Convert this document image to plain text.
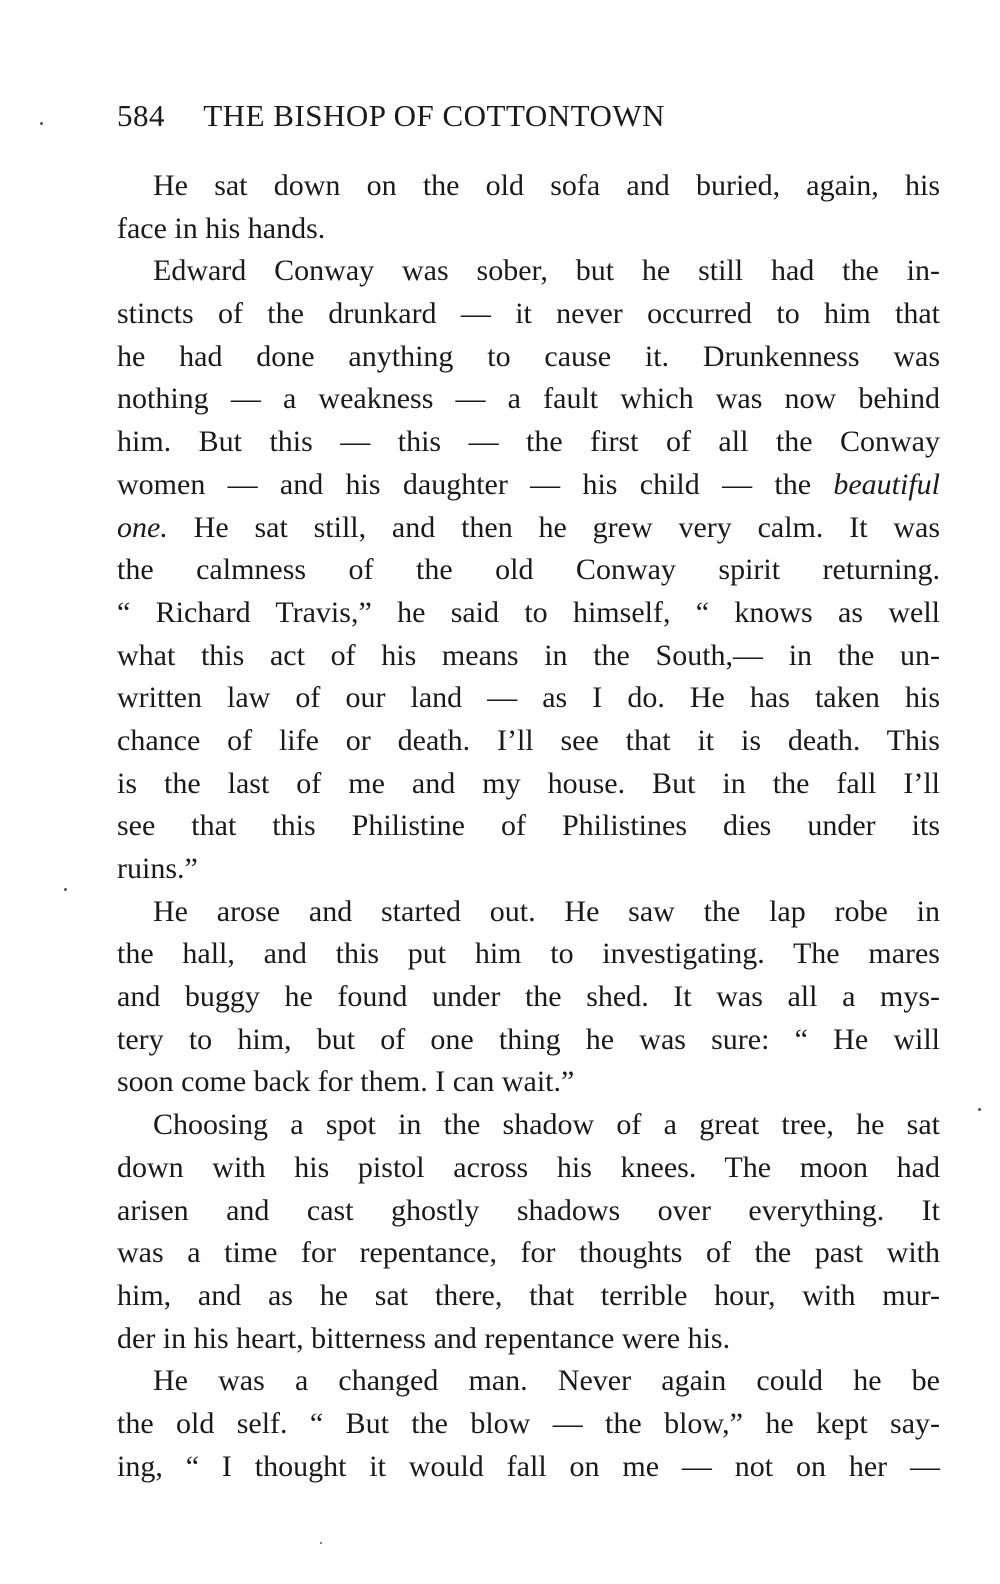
584 THE BISHOP OF COTTONTOWN

He sat down on the old sofa and buried, again, his
face in his hands.

Edward Conway was sober, but he still had the in-
stincts of the drunkard — it never occurred to him that
he had done anything to cause it. Drunkenness was
nothing — a weakness — a fault which was now behind
him. But this — this — the first of all the Conway
women — and his daughter — his child — the beautiful
one. He sat still, and then he grew very calm. It was
the calmness of the old Conway spirit returning.
“ Richard Travis,” he said to himself, “ knows as well
what this act of his means in the South,— in the un-
written law of our land — as I do. He has taken his
chance of life or death. I’ll see that it is death. This
is the last of me and my house. But in the fall I’ll
see that this Philistine of Philistines dies under its
ruins.”

He arose and started out. He saw the lap robe in
the hall, and this put him to investigating. The mares
and buggy he found under the shed. It was all a mys-
tery to him, but of one thing he was sure: “ He will
soon come back for them. I can wait.”

Choosing a spot in the shadow of a great tree, he sat
down with his pistol across his knees. The moon had
arisen and cast ghostly shadows over everything. It
was a time for repentance, for thoughts of the past with
him, and as he sat there, that terrible hour, with mur-
der in his heart, bitterness and repentance were his.

He was a changed man. Never again could he be
the old self. “ But the blow — the blow,” he kept say-
ing, “ I thought it would fall on me — not on her —
